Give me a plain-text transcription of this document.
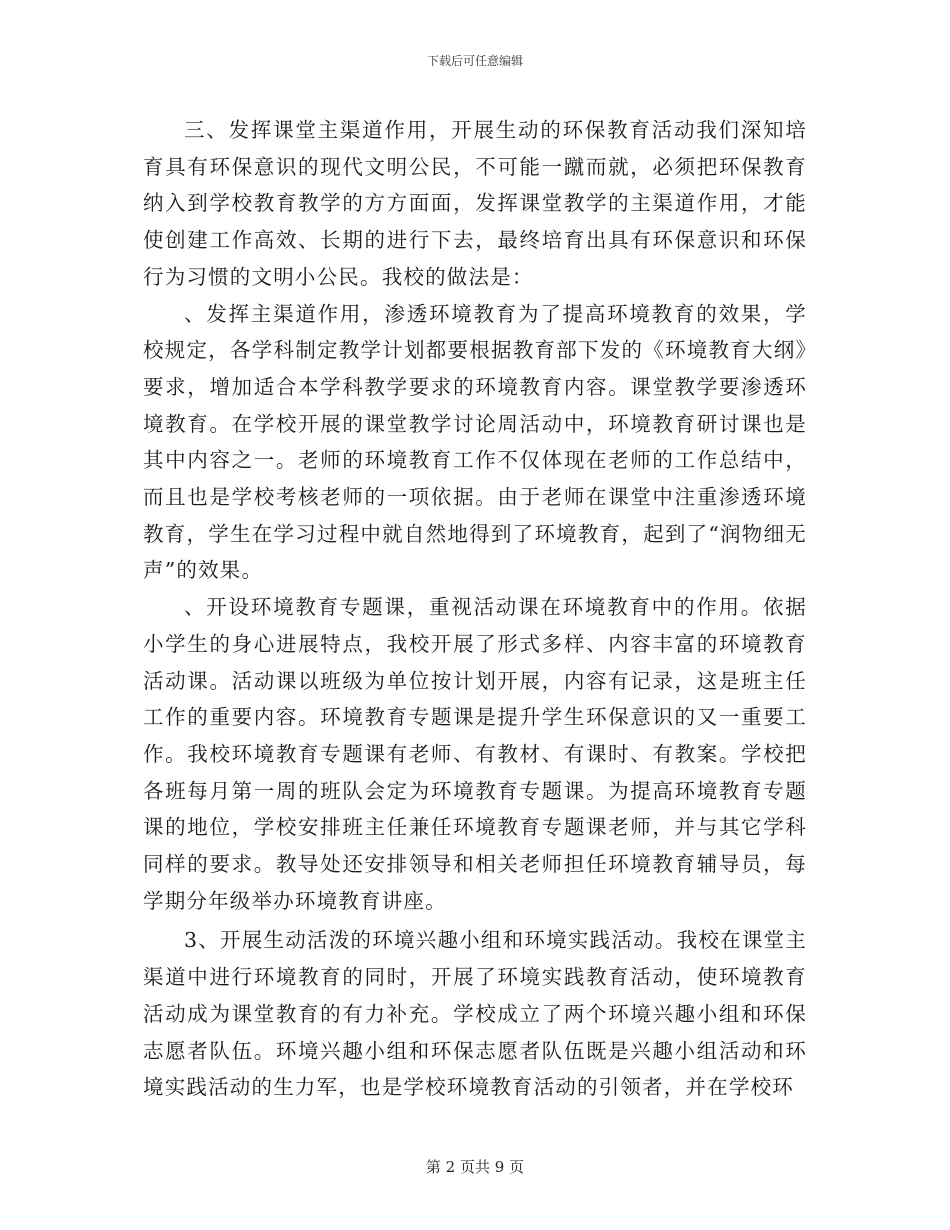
下载后可任意编辑

三、发挥课堂主渠道作用，开展生动的环保教育活动我们深知培育具有环保意识的现代文明公民，不可能一蹴而就，必须把环保教育纳入到学校教育教学的方方面面，发挥课堂教学的主渠道作用，才能使创建工作高效、长期的进行下去，最终培育出具有环保意识和环保行为习惯的文明小公民。我校的做法是：

、发挥主渠道作用，渗透环境教育为了提高环境教育的效果，学校规定，各学科制定教学计划都要根据教育部下发的《环境教育大纲》要求，增加适合本学科教学要求的环境教育内容。课堂教学要渗透环境教育。在学校开展的课堂教学讨论周活动中，环境教育研讨课也是其中内容之一。老师的环境教育工作不仅体现在老师的工作总结中，而且也是学校考核老师的一项依据。由于老师在课堂中注重渗透环境教育，学生在学习过程中就自然地得到了环境教育，起到了“润物细无声”的效果。

、开设环境教育专题课，重视活动课在环境教育中的作用。依据小学生的身心进展特点，我校开展了形式多样、内容丰富的环境教育活动课。活动课以班级为单位按计划开展，内容有记录，这是班主任工作的重要内容。环境教育专题课是提升学生环保意识的又一重要工作。我校环境教育专题课有老师、有教材、有课时、有教案。学校把各班每月第一周的班队会定为环境教育专题课。为提高环境教育专题课的地位，学校安排班主任兼任环境教育专题课老师，并与其它学科同样的要求。教导处还安排领导和相关老师担任环境教育辅导员，每学期分年级举办环境教育讲座。

3、开展生动活泼的环境兴趣小组和环境实践活动。我校在课堂主渠道中进行环境教育的同时，开展了环境实践教育活动，使环境教育活动成为课堂教育的有力补充。学校成立了两个环境兴趣小组和环保志愿者队伍。环境兴趣小组和环保志愿者队伍既是兴趣小组活动和环境实践活动的生力军，也是学校环境教育活动的引领者，并在学校环

第 2 页共 9 页
